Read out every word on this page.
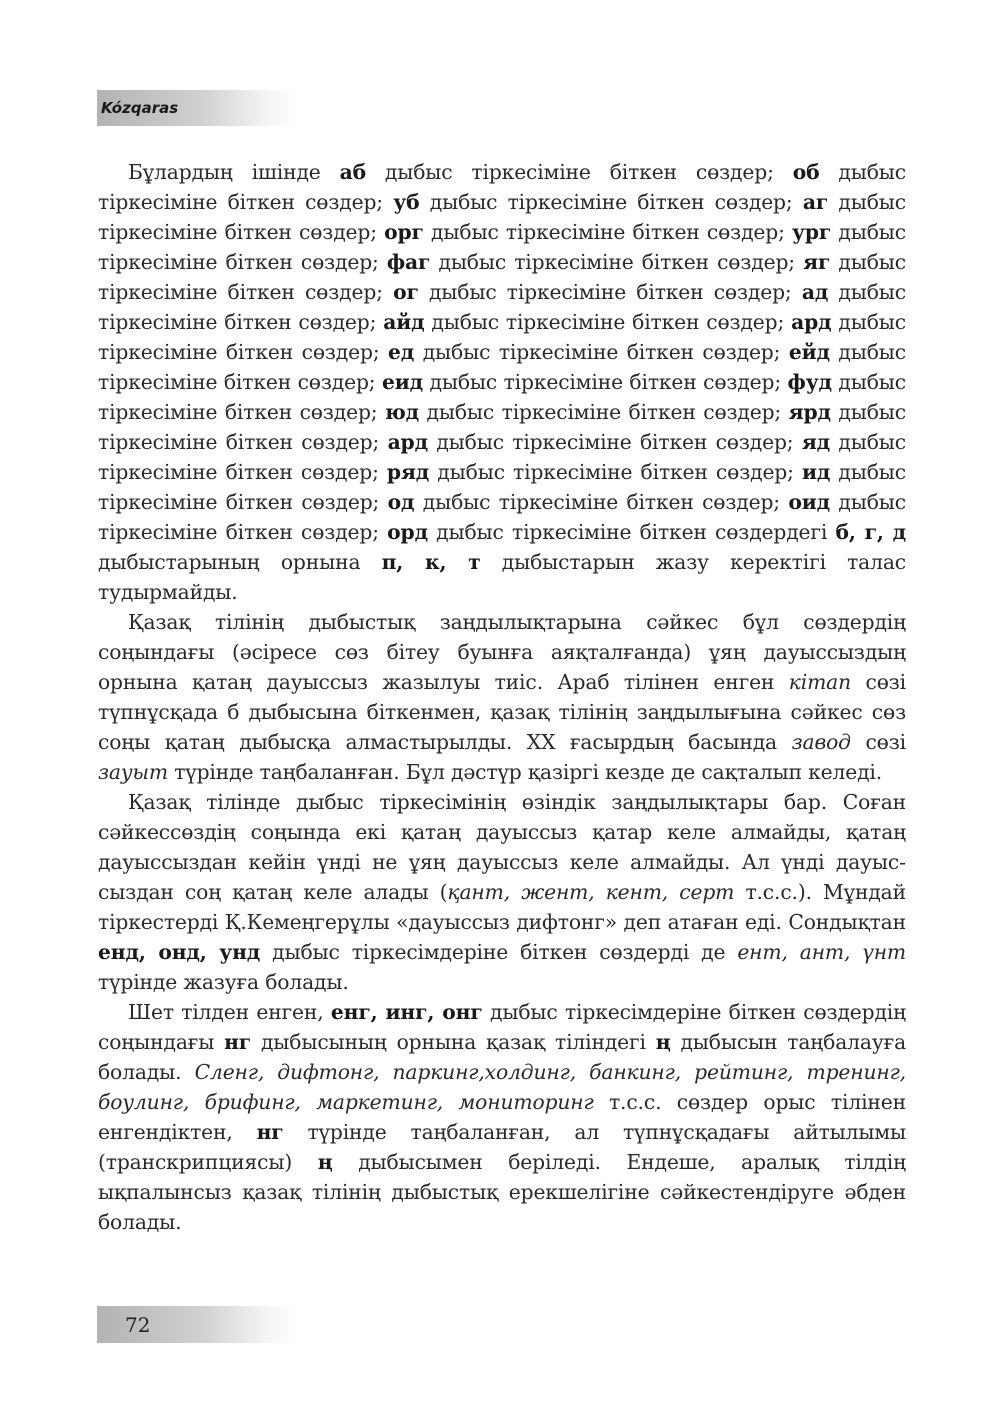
Kózqaras

Бұлардың ішінде аб дыбыс тіркесіміне біткен сөздер; об дыбыс тіркесіміне біткен сөздер; уб дыбыс тіркесіміне біткен сөздер; аг дыбыс тіркесіміне біткен сөздер; орг дыбыс тіркесіміне біткен сөздер; ург дыбыс тіркесіміне біткен сөздер; фаг дыбыс тіркесіміне біткен сөздер; яг дыбыс тіркесіміне біткен сөздер; ог дыбыс тіркесіміне біткен сөздер; ад дыбыс тіркесіміне біткен сөздер; айд дыбыс тіркесіміне біткен сөздер; ард дыбыс тіркесіміне біткен сөздер; ед дыбыс тіркесіміне біткен сөздер; ейд дыбыс тіркесіміне біткен сөздер; еид дыбыс тіркесіміне біткен сөздер; фуд дыбыс тіркесіміне біткен сөздер; юд дыбыс тіркесіміне біткен сөздер; ярд дыбыс тіркесіміне біткен сөздер; ард дыбыс тіркесіміне біткен сөздер; яд дыбыс тіркесіміне біткен сөздер; ряд дыбыс тіркесіміне біткен сөздер; ид дыбыс тіркесіміне біткен сөздер; од дыбыс тіркесіміне біткен сөздер; оид дыбыс тіркесіміне біткен сөздер; орд дыбыс тіркесіміне біткен сөздердегі б, г, д дыбыстарының орнына п, к, т дыбыстарын жазу керектігі талас тудырмайды.

Қазақ тілінің дыбыстық заңдылықтарына сәйкес бұл сөздердің соңындағы (әсіресе сөз бітеу буынға аяқталғанда) ұяң дауыссыздың орнына қатаң дауыссыз жазылуы тиіс. Араб тілінен енген кітап сөзі түпнұсқада б дыбысына біткенмен, қазақ тілінің заңдылығына сәйкес сөз соңы қатаң дыбысқа алмастырылды. XX ғасырдың басында завод сөзі зауыт түрінде таңбаланған. Бұл дәстүр қазіргі кезде де сақталып келеді.

Қазақ тілінде дыбыс тіркесімінің өзіндік заңдылықтары бар. Соған сәйкессөздің соңында екі қатаң дауыссыз қатар келе алмайды, қатаң дауыссыздан кейін үнді не ұяң дауыссыз келе алмайды. Ал үнді дауыссыздан соң қатаң келе алады (қант, жент, кент, серт т.с.с.). Мұндай тіркестерді Қ.Кемеңгерұлы «дауыссыз дифтонг» деп атаған еді. Сондықтан енд, онд, унд дыбыс тіркесімдеріне біткен сөздерді де ент, ант, үнт түрінде жазуға болады.

Шет тілден енген, енг, инг, онг дыбыс тіркесімдеріне біткен сөздердің соңындағы нг дыбысының орнына қазақ тіліндегі ң дыбысын таңбалауға болады. Сленг, дифтонг, паркинг,холдинг, банкинг, рейтинг, тренинг, боулинг, брифинг, маркетинг, мониторинг т.с.с. сөздер орыс тілінен енгендіктен, нг түрінде таңбаланған, ал түпнұсқадағы айтылымы (транскрипциясы) ң дыбысымен беріледі. Ендеше, аралық тілдің ықпалынсыз қазақ тілінің дыбыстық ерекшелігіне сәйкестендіруге әбден болады.

72
